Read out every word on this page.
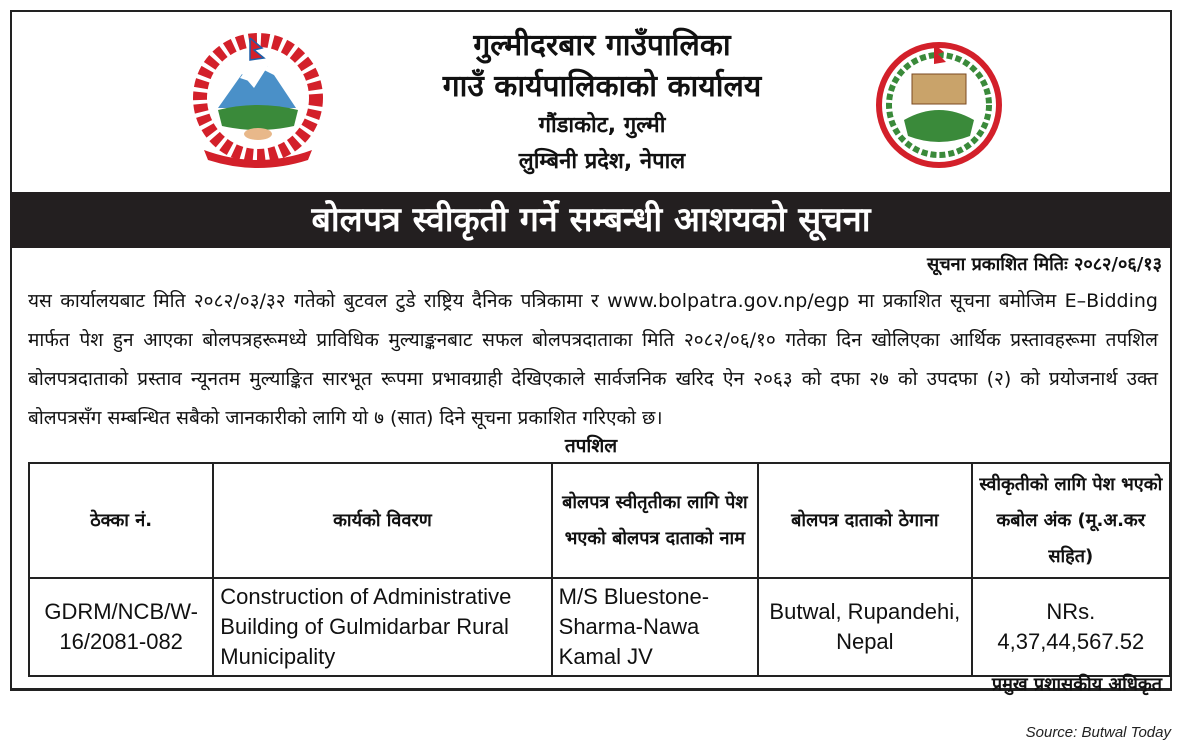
गुल्मीदरबार गाउँपालिका
गाउँ कार्यपालिकाको कार्यालय
गौंडाकोट, गुल्मी
लुम्बिनी प्रदेश, नेपाल
बोलपत्र स्वीकृती गर्ने सम्बन्धी आशयको सूचना
सूचना प्रकाशित मितिः २०८२/०६/१३

यस कार्यालयबाट मिति २०८२/०३/३२ गतेको बुटवल टुडे राष्ट्रिय दैनिक पत्रिकामा र www.bolpatra.gov.np/egp मा प्रकाशित सूचना बमोजिम E–Bidding मार्फत पेश हुन आएका बोलपत्रहरूमध्ये प्राविधिक मुल्याङ्कनबाट सफल बोलपत्रदाताका मिति २०८२/०६/१० गतेका दिन खोलिएका आर्थिक प्रस्तावहरूमा तपशिल बोलपत्रदाताको प्रस्ताव न्यूनतम मुल्याङ्कित सारभूत रूपमा प्रभावग्राही देखिएकाले सार्वजनिक खरिद ऐन २०६३ को दफा २७ को उपदफा (२) को प्रयोजनार्थ उक्त बोलपत्रसँग सम्बन्धित सबैको जानकारीको लागि यो ७ (सात) दिने सूचना प्रकाशित गरिएको छ।

तपशिल
ठेक्का नं.	कार्यको विवरण	बोलपत्र स्वीतृतीका लागि पेश भएको बोलपत्र दाताको नाम	बोलपत्र दाताको ठेगाना	स्वीकृतीको लागि पेश भएको कबोल अंक (मू.अ.कर सहित)
GDRM/NCB/W-16/2081-082	Construction of Administrative Building of Gulmidarbar Rural Municipality	M/S Bluestone-Sharma-Nawa Kamal JV	Butwal, Rupandehi, Nepal	NRs. 4,37,44,567.52
प्रमुख प्रशासकीय अधिकृत
Source: Butwal Today
